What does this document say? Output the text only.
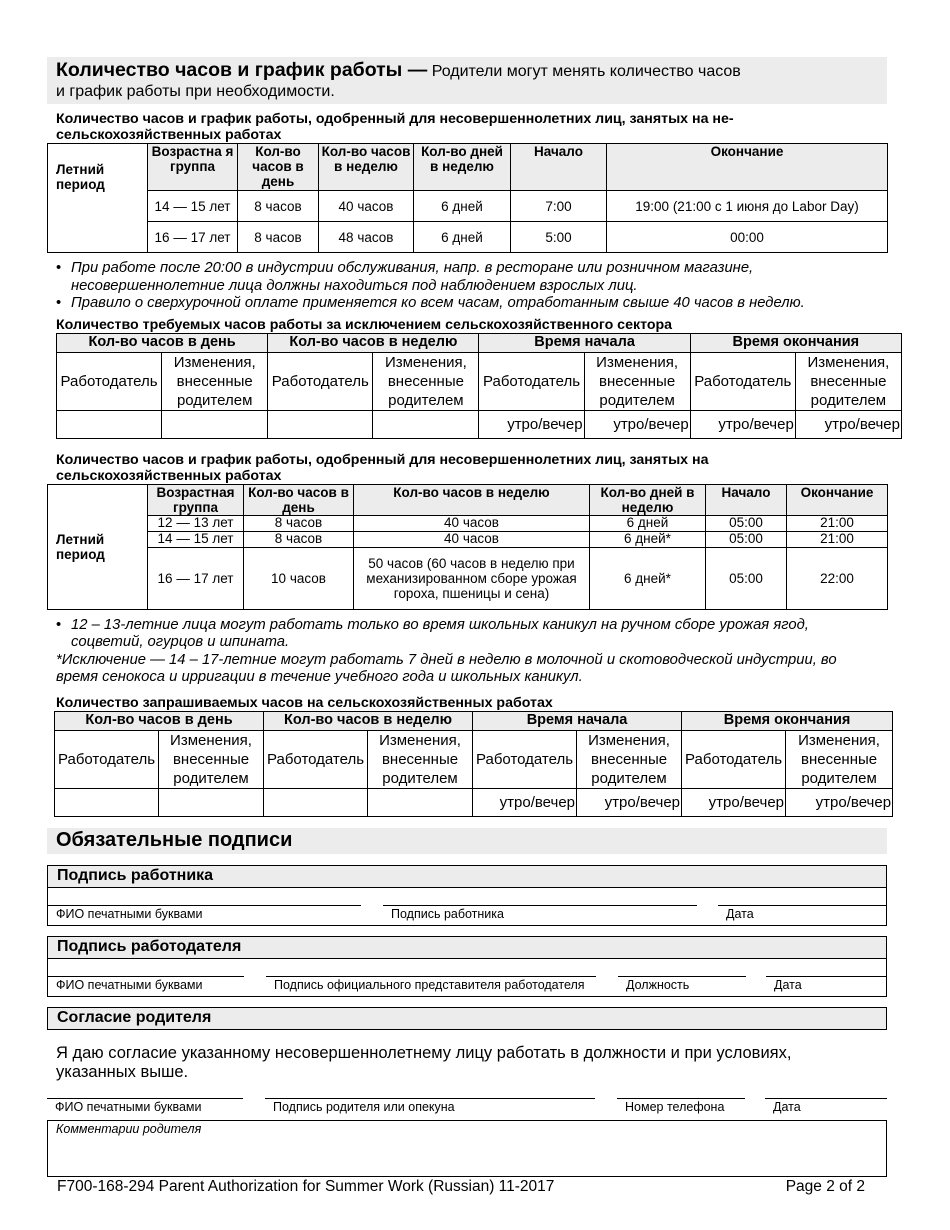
Количество часов и график работы — Родители могут менять количество часов
и график работы при необходимости.
Количество часов и график работы, одобренный для несовершеннолетних лиц, занятых на не-сельскохозяйственных работах
Летний период	Возрастна я группа	Кол-во часов в день	Кол-во часов в неделю	Кол-во дней в неделю	Начало	Окончание
	14 — 15 лет	8 часов	40 часов	6 дней	7:00	19:00 (21:00 с 1 июня до Labor Day)
	16 — 17 лет	8 часов	48 часов	6 дней	5:00	00:00
• При работе после 20:00 в индустрии обслуживания, напр. в ресторане или розничном магазине, несовершеннолетние лица должны находиться под наблюдением взрослых лиц.
• Правило о сверхурочной оплате применяется ко всем часам, отработанным свыше 40 часов в неделю.
Количество требуемых часов работы за исключением сельскохозяйственного сектора
Кол-во часов в день		Кол-во часов в неделю		Время начала		Время окончания	
Работодатель	Изменения, внесенные родителем	Работодатель	Изменения, внесенные родителем	Работодатель	Изменения, внесенные родителем	Работодатель	Изменения, внесенные родителем
				утро/вечер	утро/вечер	утро/вечер	утро/вечер
Количество часов и график работы, одобренный для несовершеннолетних лиц, занятых на сельскохозяйственных работах
Летний период	Возрастная группа	Кол-во часов в день	Кол-во часов в неделю	Кол-во дней в неделю	Начало	Окончание
	12 — 13 лет	8 часов	40 часов	6 дней	05:00	21:00
	14 — 15 лет	8 часов	40 часов	6 дней*	05:00	21:00
	16 — 17 лет	10 часов	50 часов (60 часов в неделю при механизированном сборе урожая гороха, пшеницы и сена)	6 дней*	05:00	22:00
• 12 – 13-летние лица могут работать только во время школьных каникул на ручном сборе урожая ягод, соцветий, огурцов и шпината.
*Исключение — 14 – 17-летние могут работать 7 дней в неделю в молочной и скотоводческой индустрии, во время сенокоса и ирригации в течение учебного года и школьных каникул.
Количество запрашиваемых часов на сельскохозяйственных работах
Кол-во часов в день		Кол-во часов в неделю		Время начала		Время окончания	
Работодатель	Изменения, внесенные родителем	Работодатель	Изменения, внесенные родителем	Работодатель	Изменения, внесенные родителем	Работодатель	Изменения, внесенные родителем
				утро/вечер	утро/вечер	утро/вечер	утро/вечер
Обязательные подписи
Подпись работника
ФИО печатными буквами	Подпись работника	Дата
Подпись работодателя
ФИО печатными буквами	Подпись официального представителя работодателя	Должность	Дата
Согласие родителя
Я даю согласие указанному несовершеннолетнему лицу работать в должности и при условиях, указанных выше.
ФИО печатными буквами	Подпись родителя или опекуна	Номер телефона	Дата
Комментарии родителя
F700-168-294 Parent Authorization for Summer Work (Russian) 11-2017	Page 2 of 2
